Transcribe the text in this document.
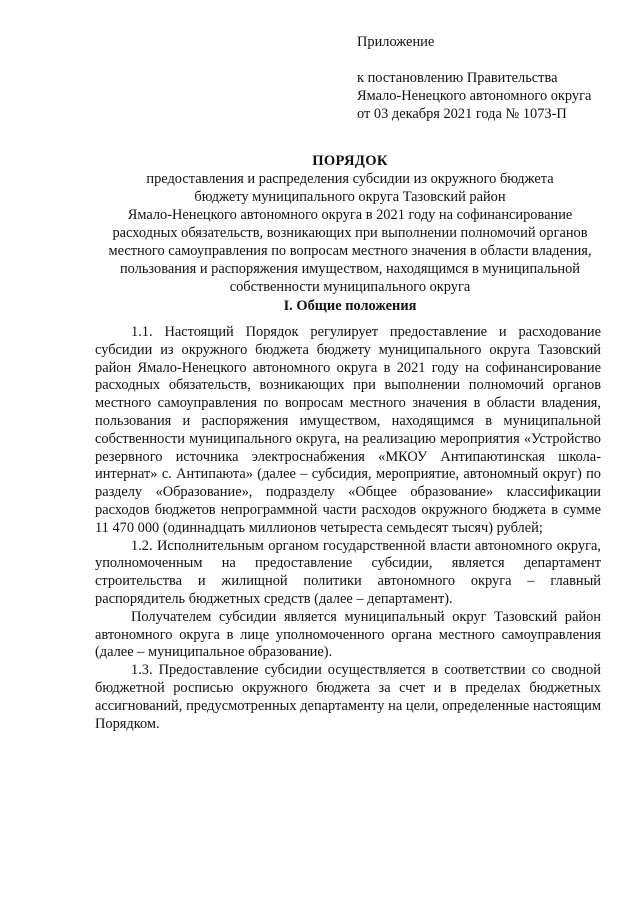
Приложение
к постановлению Правительства
Ямало-Ненецкого автономного округа
от 03 декабря 2021 года № 1073-П
ПОРЯДОК
предоставления и распределения субсидии из окружного бюджета
бюджету муниципального округа Тазовский район
Ямало-Ненецкого автономного округа в 2021 году на софинансирование
расходных обязательств, возникающих при выполнении полномочий органов
местного самоуправления по вопросам местного значения в области владения,
пользования и распоряжения имуществом, находящимся в муниципальной
собственности муниципального округа
I. Общие положения

1.1. Настоящий Порядок регулирует предоставление и расходование субсидии из окружного бюджета бюджету муниципального округа Тазовский район Ямало-Ненецкого автономного округа в 2021 году на софинансирование расходных обязательств, возникающих при выполнении полномочий органов местного самоуправления по вопросам местного значения в области владения, пользования и распоряжения имуществом, находящимся в муниципальной собственности муниципального округа, на реализацию мероприятия «Устройство резервного источника электроснабжения «МКОУ Антипаютинская школа-интернат» с. Антипаюта» (далее – субсидия, мероприятие, автономный округ) по разделу «Образование», подразделу «Общее образование» классификации расходов бюджетов непрограммной части расходов окружного бюджета в сумме 11 470 000 (одиннадцать миллионов четыреста семьдесят тысяч) рублей;

1.2. Исполнительным органом государственной власти автономного округа, уполномоченным на предоставление субсидии, является департамент строительства и жилищной политики автономного округа – главный распорядитель бюджетных средств (далее – департамент).

Получателем субсидии является муниципальный округ Тазовский район автономного округа в лице уполномоченного органа местного самоуправления (далее – муниципальное образование).

1.3. Предоставление субсидии осуществляется в соответствии со сводной бюджетной росписью окружного бюджета за счет и в пределах бюджетных ассигнований, предусмотренных департаменту на цели, определенные настоящим Порядком.
